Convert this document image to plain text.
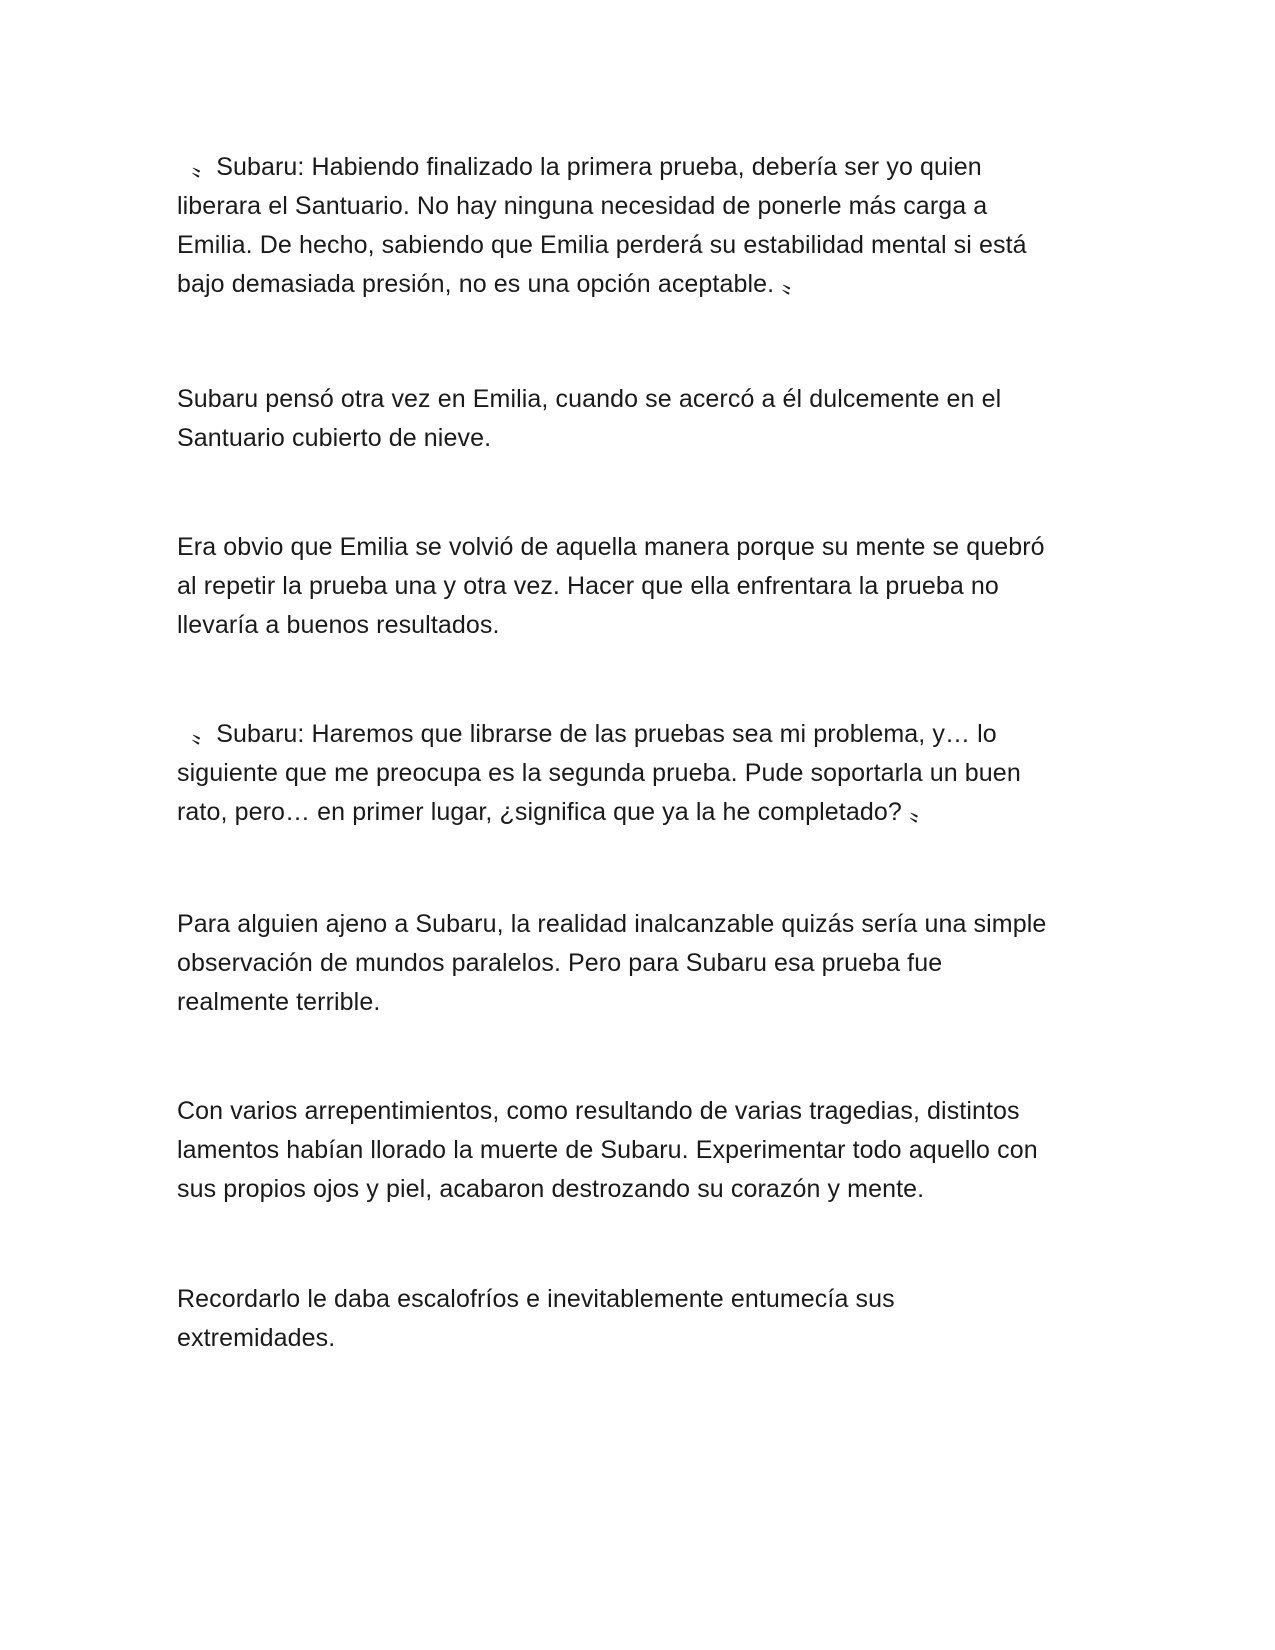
〟Subaru: Habiendo finalizado la primera prueba, debería ser yo quien
liberara el Santuario. No hay ninguna necesidad de ponerle más carga a
Emilia. De hecho, sabiendo que Emilia perderá su estabilidad mental si está
bajo demasiada presión, no es una opción aceptable. 〟

Subaru pensó otra vez en Emilia, cuando se acercó a él dulcemente en el
Santuario cubierto de nieve.

Era obvio que Emilia se volvió de aquella manera porque su mente se quebró
al repetir la prueba una y otra vez. Hacer que ella enfrentara la prueba no
llevaría a buenos resultados.

〟Subaru: Haremos que librarse de las pruebas sea mi problema, y… lo
siguiente que me preocupa es la segunda prueba. Pude soportarla un buen
rato, pero… en primer lugar, ¿significa que ya la he completado? 〟

Para alguien ajeno a Subaru, la realidad inalcanzable quizás sería una simple
observación de mundos paralelos. Pero para Subaru esa prueba fue
realmente terrible.

Con varios arrepentimientos, como resultando de varias tragedias, distintos
lamentos habían llorado la muerte de Subaru. Experimentar todo aquello con
sus propios ojos y piel, acabaron destrozando su corazón y mente.

Recordarlo le daba escalofríos e inevitablemente entumecía sus
extremidades.
